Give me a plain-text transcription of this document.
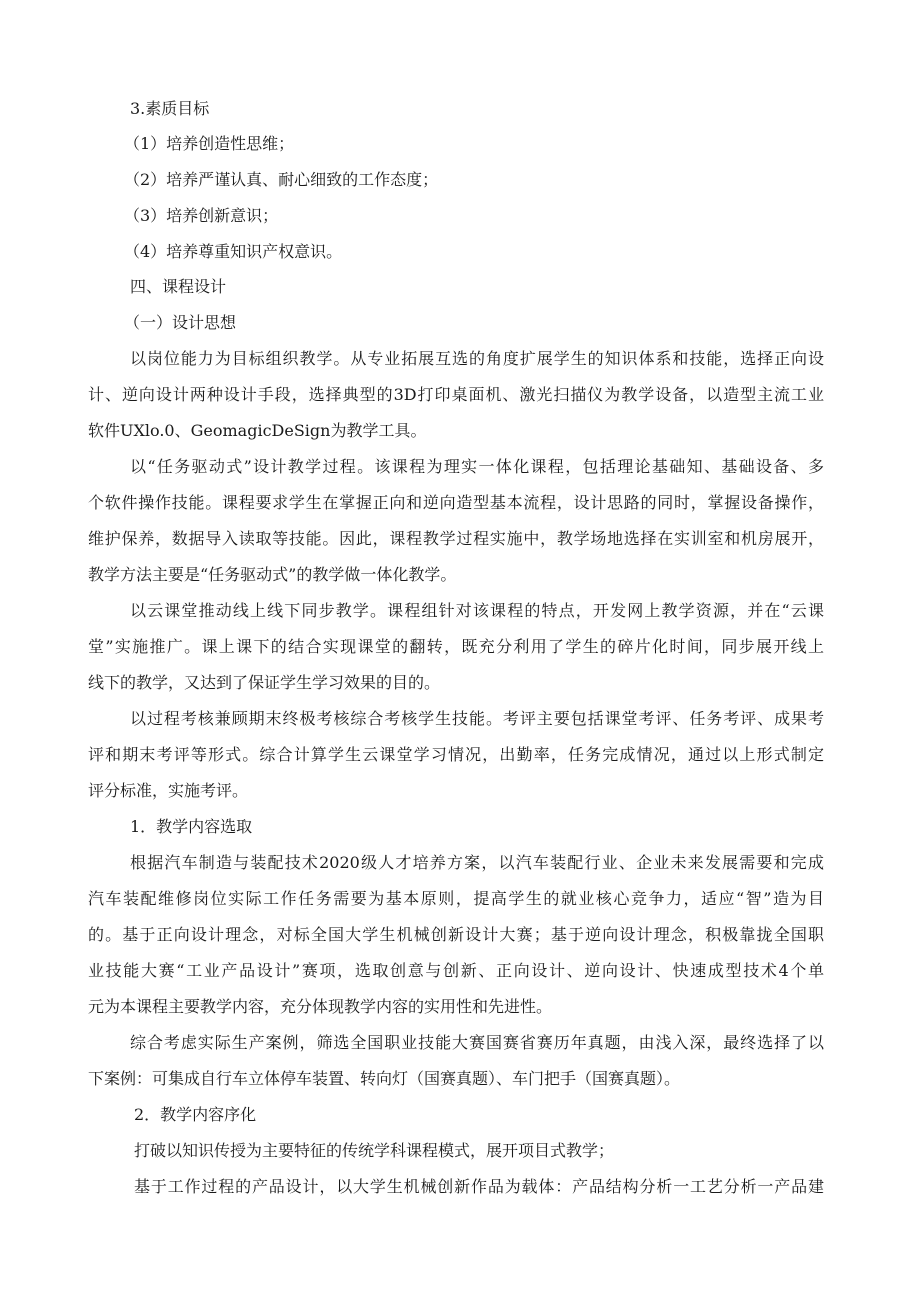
3.素质目标
（1）培养创造性思维；
（2）培养严谨认真、耐心细致的工作态度；
（3）培养创新意识；
（4）培养尊重知识产权意识。
四、课程设计
（一）设计思想
以岗位能力为目标组织教学。从专业拓展互选的角度扩展学生的知识体系和技能，选择正向设
计、逆向设计两种设计手段，选择典型的3D打印桌面机、激光扫描仪为教学设备，以造型主流工业
软件UXlo.0、GeomagicDeSign为教学工具。
以“任务驱动式”设计教学过程。该课程为理实一体化课程，包括理论基础知、基础设备、多
个软件操作技能。课程要求学生在掌握正向和逆向造型基本流程，设计思路的同时，掌握设备操作，
维护保养，数据导入读取等技能。因此，课程教学过程实施中，教学场地选择在实训室和机房展开，
教学方法主要是“任务驱动式”的教学做一体化教学。
以云课堂推动线上线下同步教学。课程组针对该课程的特点，开发网上教学资源，并在“云课
堂”实施推广。课上课下的结合实现课堂的翻转，既充分利用了学生的碎片化时间，同步展开线上
线下的教学，又达到了保证学生学习效果的目的。
以过程考核兼顾期末终极考核综合考核学生技能。考评主要包括课堂考评、任务考评、成果考
评和期末考评等形式。综合计算学生云课堂学习情况，出勤率，任务完成情况，通过以上形式制定
评分标准，实施考评。
1．教学内容选取
根据汽车制造与装配技术2020级人才培养方案，以汽车装配行业、企业未来发展需要和完成
汽车装配维修岗位实际工作任务需要为基本原则，提高学生的就业核心竞争力，适应“智”造为目
的。基于正向设计理念，对标全国大学生机械创新设计大赛；基于逆向设计理念，积极靠拢全国职
业技能大赛“工业产品设计”赛项，选取创意与创新、正向设计、逆向设计、快速成型技术4个单
元为本课程主要教学内容，充分体现教学内容的实用性和先进性。
综合考虑实际生产案例，筛选全国职业技能大赛国赛省赛历年真题，由浅入深，最终选择了以
下案例：可集成自行车立体停车装置、转向灯（国赛真题）、车门把手（国赛真题）。
2．教学内容序化
打破以知识传授为主要特征的传统学科课程模式，展开项目式教学；
基于工作过程的产品设计，以大学生机械创新作品为载体：产品结构分析一工艺分析一产品建
